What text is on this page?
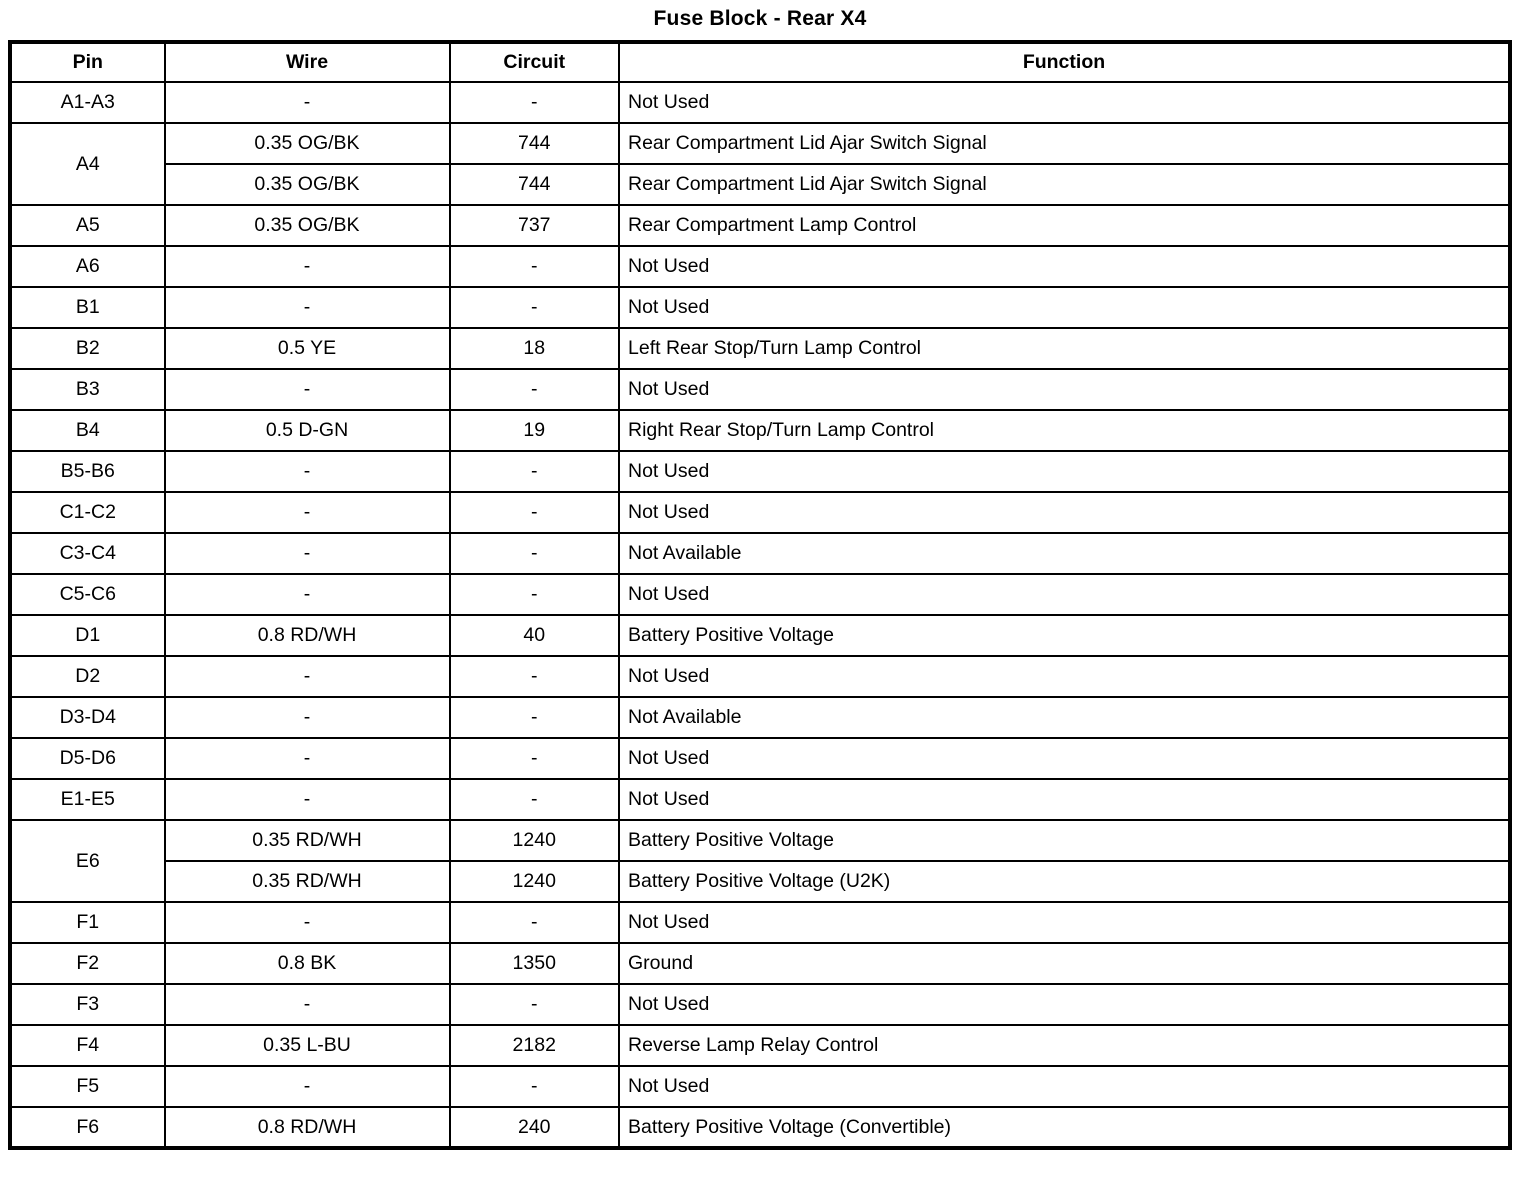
Fuse Block - Rear X4
Pin	Wire	Circuit	Function
A1-A3	-	-	Not Used
A4	0.35 OG/BK	744	Rear Compartment Lid Ajar Switch Signal
	0.35 OG/BK	744	Rear Compartment Lid Ajar Switch Signal
A5	0.35 OG/BK	737	Rear Compartment Lamp Control
A6	-	-	Not Used
B1	-	-	Not Used
B2	0.5 YE	18	Left Rear Stop/Turn Lamp Control
B3	-	-	Not Used
B4	0.5 D-GN	19	Right Rear Stop/Turn Lamp Control
B5-B6	-	-	Not Used
C1-C2	-	-	Not Used
C3-C4	-	-	Not Available
C5-C6	-	-	Not Used
D1	0.8 RD/WH	40	Battery Positive Voltage
D2	-	-	Not Used
D3-D4	-	-	Not Available
D5-D6	-	-	Not Used
E1-E5	-	-	Not Used
E6	0.35 RD/WH	1240	Battery Positive Voltage
	0.35 RD/WH	1240	Battery Positive Voltage (U2K)
F1	-	-	Not Used
F2	0.8 BK	1350	Ground
F3	-	-	Not Used
F4	0.35 L-BU	2182	Reverse Lamp Relay Control
F5	-	-	Not Used
F6	0.8 RD/WH	240	Battery Positive Voltage (Convertible)
